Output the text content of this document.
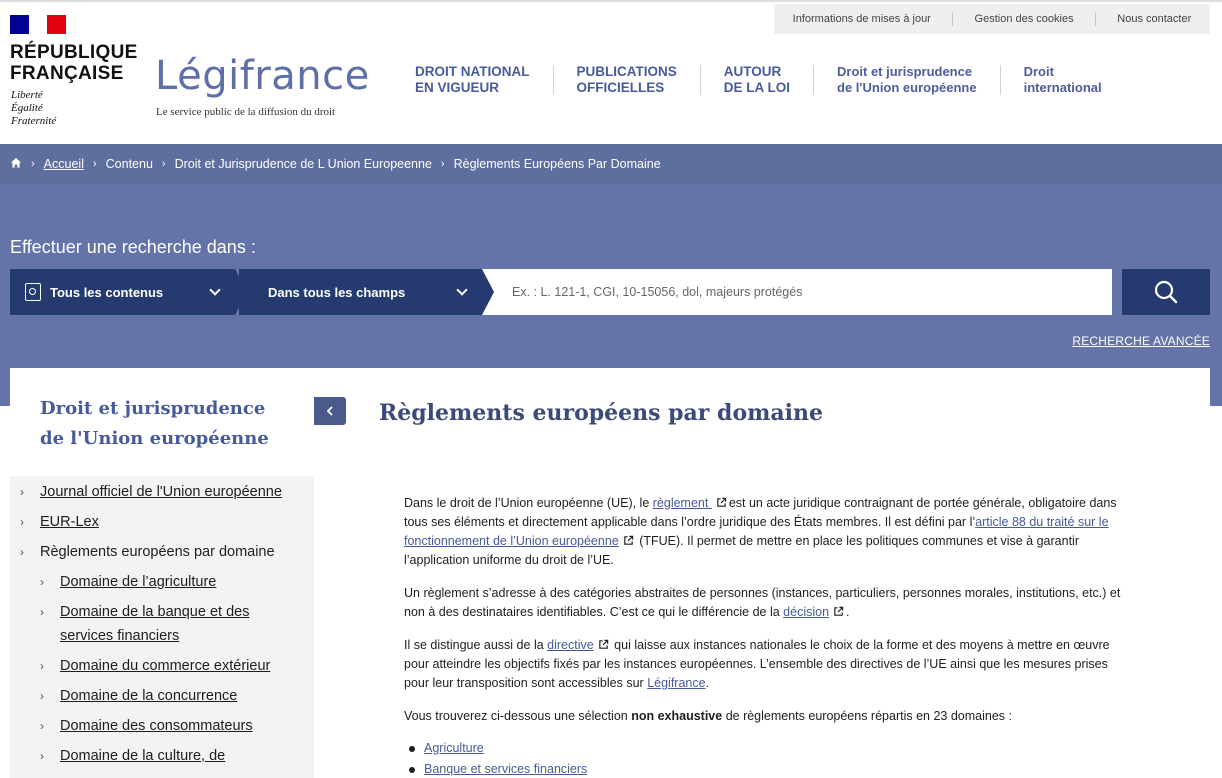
Informations de mises à jour	Gestion des cookies	Nous contacter
RÉPUBLIQUE
FRANÇAISE
Liberté
Égalité
Fraternité
Légifrance
Le service public de la diffusion du droit
DROIT NATIONAL
EN VIGUEUR
PUBLICATIONS
OFFICIELLES
AUTOUR
DE LA LOI
Droit et jurisprudence
de l'Union européenne
Droit
international
› Accueil › Contenu › Droit et Jurisprudence de L Union Europeenne › Règlements Européens Par Domaine
Effectuer une recherche dans :
Tous les contenus	Dans tous les champs
Ex. : L. 121-1, CGI, 10-15056, dol, majeurs protégés
RECHERCHE AVANCÉE
Droit et jurisprudence
de l'Union européenne
› Journal officiel de l'Union européenne
› EUR-Lex
› Règlements européens par domaine
› Domaine de l’agriculture
› Domaine de la banque et des services financiers
› Domaine du commerce extérieur
› Domaine de la concurrence
› Domaine des consommateurs
› Domaine de la culture, de
Règlements européens par domaine

Dans le droit de l’Union européenne (UE), le règlement est un acte juridique contraignant de portée générale, obligatoire dans tous ses éléments et directement applicable dans l’ordre juridique des États membres. Il est défini par l’article 88 du traité sur le fonctionnement de l’Union européenne (TFUE). Il permet de mettre en place les politiques communes et vise à garantir l’application uniforme du droit de l’UE.

Un règlement s’adresse à des catégories abstraites de personnes (instances, particuliers, personnes morales, institutions, etc.) et non à des destinataires identifiables. C’est ce qui le différencie de la décision .

Il se distingue aussi de la directive qui laisse aux instances nationales le choix de la forme et des moyens à mettre en œuvre pour atteindre les objectifs fixés par les instances européennes. L’ensemble des directives de l’UE ainsi que les mesures prises pour leur transposition sont accessibles sur Légifrance.

Vous trouverez ci-dessous une sélection non exhaustive de règlements européens répartis en 23 domaines :

Agriculture
Banque et services financiers
